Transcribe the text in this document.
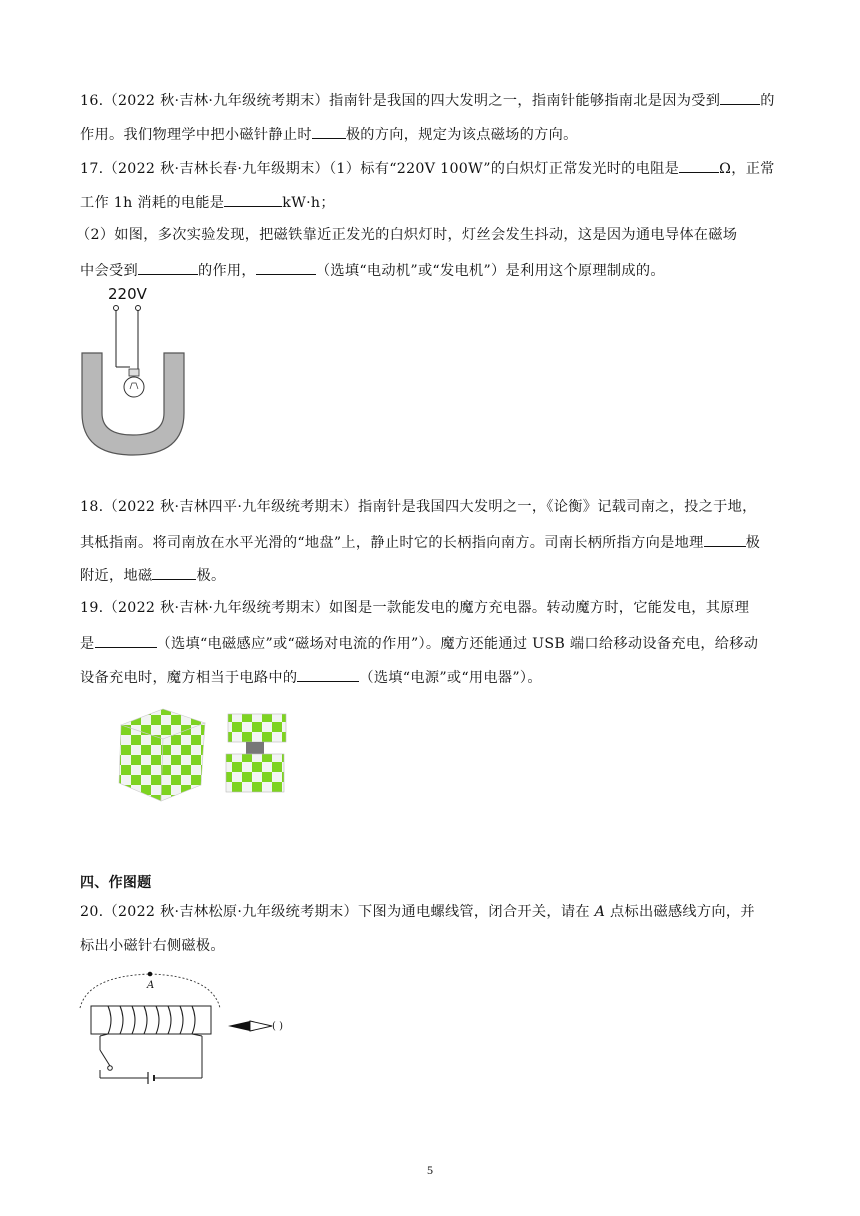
16.（2022 秋·吉林·九年级统考期末）指南针是我国的四大发明之一，指南针能够指南北是因为受到	的
作用。我们物理学中把小磁针静止时 极的方向，规定为该点磁场的方向。
17.（2022 秋·吉林长春·九年级期末）（1）标有“220V 100W”的白炽灯正常发光时的电阻是	Ω，正常
工作 1h 消耗的电能是	kW·h；
（2）如图，多次实验发现，把磁铁靠近正发光的白炽灯时，灯丝会发生抖动，这是因为通电导体在磁场
中会受到	的作用，	（选填“电动机”或“发电机”）是利用这个原理制成的。
220V
18.（2022 秋·吉林四平·九年级统考期末）指南针是我国四大发明之一，《论衡》记载司南之，投之于地，
其柢指南。将司南放在水平光滑的“地盘”上，静止时它的长柄指向南方。司南长柄所指方向是地理	极
附近，地磁	极。
19.（2022 秋·吉林·九年级统考期末）如图是一款能发电的魔方充电器。转动魔方时，它能发电，其原理
是	（选填“电磁感应”或“磁场对电流的作用”）。魔方还能通过 USB 端口给移动设备充电，给移动
设备充电时，魔方相当于电路中的	（选填“电源”或“用电器”）。
四、作图题
20.（2022 秋·吉林松原·九年级统考期末）下图为通电螺线管，闭合开关，请在 A 点标出磁感线方向，并
标出小磁针右侧磁极。
A
( )
5
